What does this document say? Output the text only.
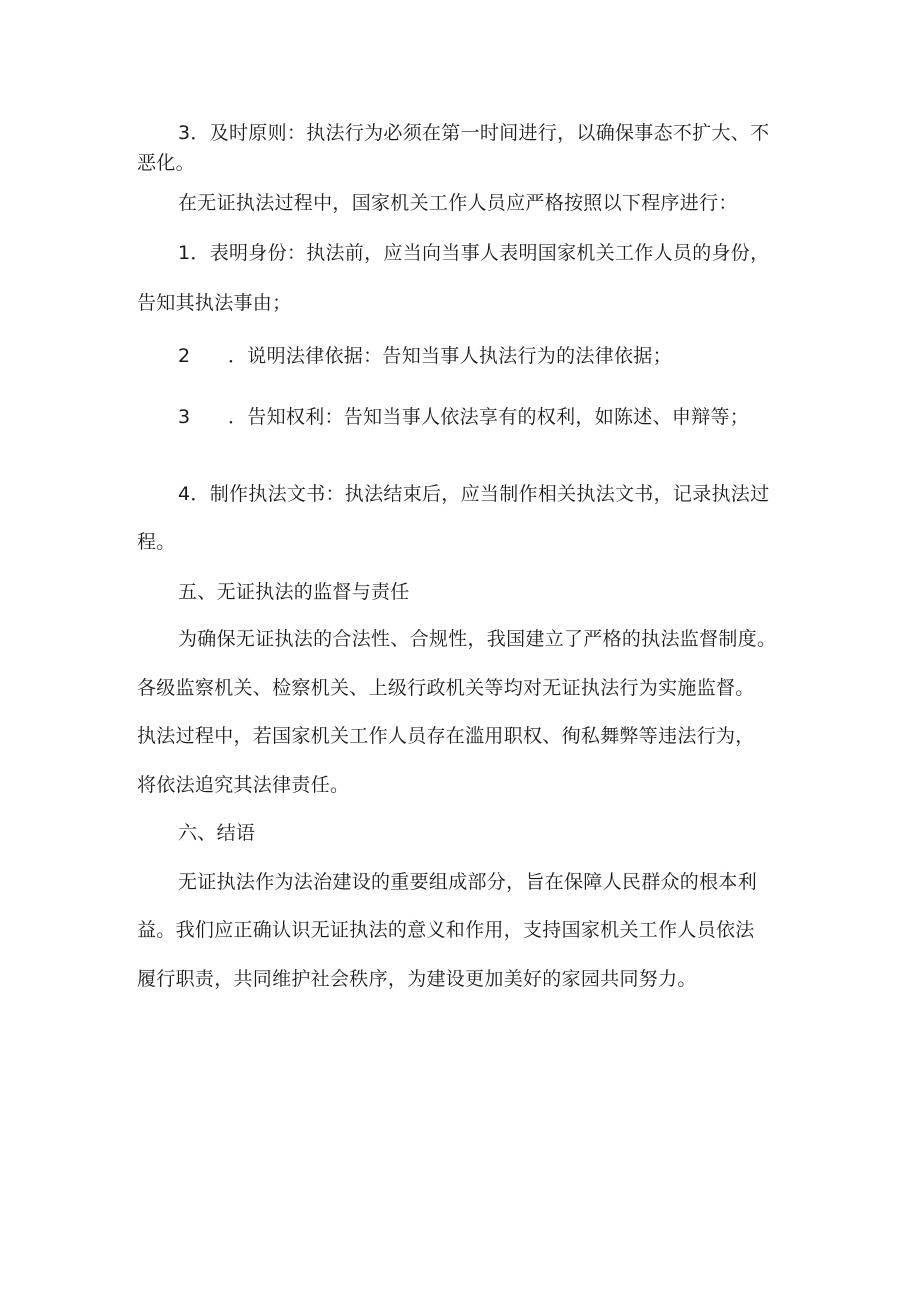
3．及时原则：执法行为必须在第一时间进行，以确保事态不扩大、不
恶化。
在无证执法过程中，国家机关工作人员应严格按照以下程序进行：
1．表明身份：执法前，应当向当事人表明国家机关工作人员的身份，
告知其执法事由；
2 ．说明法律依据：告知当事人执法行为的法律依据；
3 ．告知权利：告知当事人依法享有的权利，如陈述、申辩等；
4．制作执法文书：执法结束后，应当制作相关执法文书，记录执法过
程。
五、无证执法的监督与责任
为确保无证执法的合法性、合规性，我国建立了严格的执法监督制度。
各级监察机关、检察机关、上级行政机关等均对无证执法行为实施监督。
执法过程中，若国家机关工作人员存在滥用职权、徇私舞弊等违法行为，
将依法追究其法律责任。
六、结语
无证执法作为法治建设的重要组成部分，旨在保障人民群众的根本利
益。我们应正确认识无证执法的意义和作用，支持国家机关工作人员依法
履行职责，共同维护社会秩序，为建设更加美好的家园共同努力。
